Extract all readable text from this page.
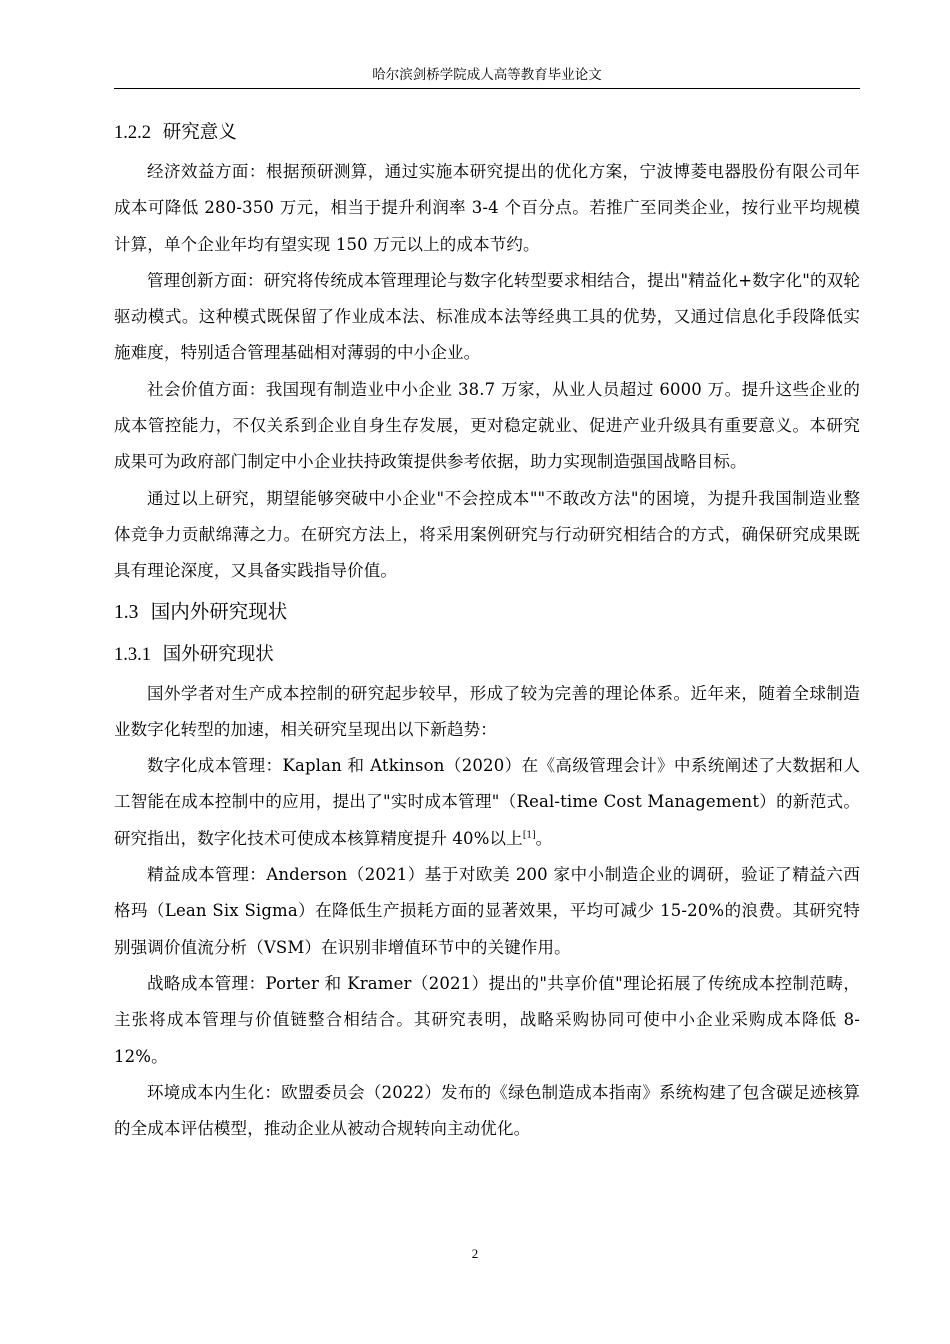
哈尔滨剑桥学院成人高等教育毕业论文
1.2.2 研究意义

经济效益方面：根据预研测算，通过实施本研究提出的优化方案，宁波博菱电器股份有限公司年成本可降低 280-350 万元，相当于提升利润率 3-4 个百分点。若推广至同类企业，按行业平均规模计算，单个企业年均有望实现 150 万元以上的成本节约。

管理创新方面：研究将传统成本管理理论与数字化转型要求相结合，提出"精益化+数字化"的双轮驱动模式。这种模式既保留了作业成本法、标准成本法等经典工具的优势，又通过信息化手段降低实施难度，特别适合管理基础相对薄弱的中小企业。

社会价值方面：我国现有制造业中小企业 38.7 万家，从业人员超过 6000 万。提升这些企业的成本管控能力，不仅关系到企业自身生存发展，更对稳定就业、促进产业升级具有重要意义。本研究成果可为政府部门制定中小企业扶持政策提供参考依据，助力实现制造强国战略目标。

通过以上研究，期望能够突破中小企业"不会控成本""不敢改方法"的困境，为提升我国制造业整体竞争力贡献绵薄之力。在研究方法上，将采用案例研究与行动研究相结合的方式，确保研究成果既具有理论深度，又具备实践指导价值。

1.3 国内外研究现状
1.3.1 国外研究现状

国外学者对生产成本控制的研究起步较早，形成了较为完善的理论体系。近年来，随着全球制造业数字化转型的加速，相关研究呈现出以下新趋势：

数字化成本管理：Kaplan 和 Atkinson（2020）在《高级管理会计》中系统阐述了大数据和人工智能在成本控制中的应用，提出了"实时成本管理"（Real-time Cost Management）的新范式。研究指出，数字化技术可使成本核算精度提升 40%以上[1]。

精益成本管理：Anderson（2021）基于对欧美 200 家中小制造企业的调研，验证了精益六西格玛（Lean Six Sigma）在降低生产损耗方面的显著效果，平均可减少 15-20%的浪费。其研究特别强调价值流分析（VSM）在识别非增值环节中的关键作用。

战略成本管理：Porter 和 Kramer（2021）提出的"共享价值"理论拓展了传统成本控制范畴，主张将成本管理与价值链整合相结合。其研究表明，战略采购协同可使中小企业采购成本降低 8-12%。

环境成本内生化：欧盟委员会（2022）发布的《绿色制造成本指南》系统构建了包含碳足迹核算的全成本评估模型，推动企业从被动合规转向主动优化。

2
